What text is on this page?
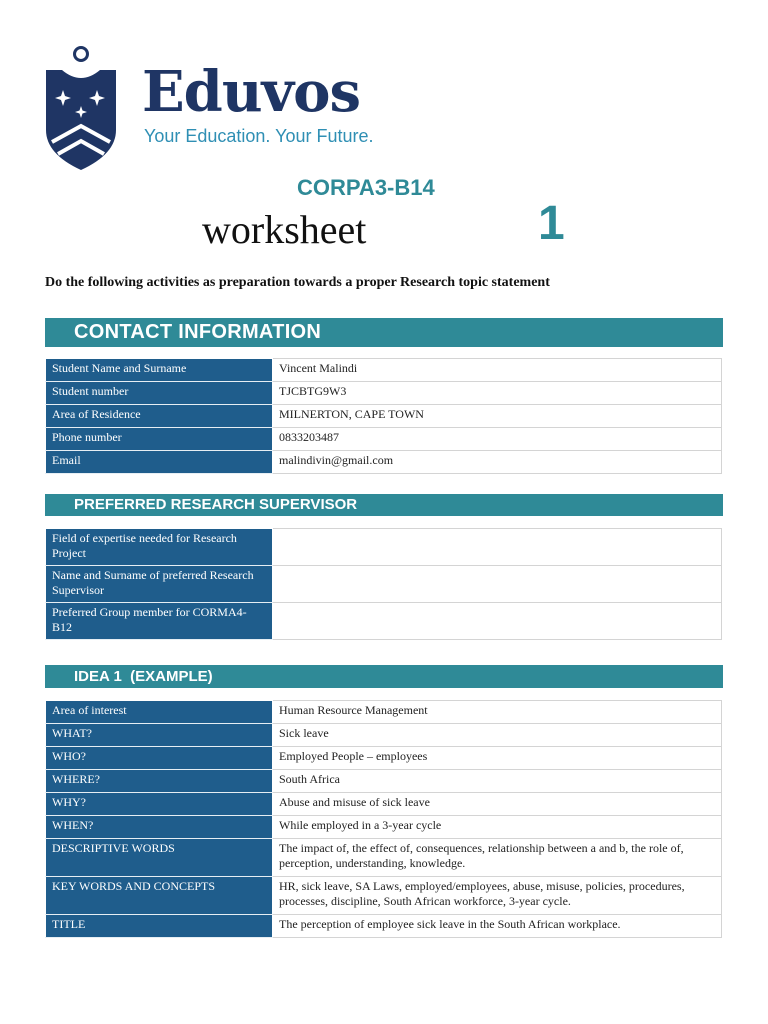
Eduvos
Your Education. Your Future.
CORPA3-B14
worksheet	1
Do the following activities as preparation towards a proper Research topic statement
CONTACT INFORMATION
Student Name and Surname	Vincent Malindi
Student number	TJCBTG9W3
Area of Residence	MILNERTON, CAPE TOWN
Phone number	0833203487
Email	malindivin@gmail.com
PREFERRED RESEARCH SUPERVISOR
Field of expertise needed for Research Project	
Name and Surname of preferred Research Supervisor	
Preferred Group member for CORMA4-B12	
IDEA 1  (EXAMPLE)
Area of interest	Human Resource Management
WHAT?	Sick leave
WHO?	Employed People – employees
WHERE?	South Africa
WHY?	Abuse and misuse of sick leave
WHEN?	While employed in a 3-year cycle
DESCRIPTIVE WORDS	The impact of, the effect of, consequences, relationship between a and b, the role of, perception, understanding, knowledge.
KEY WORDS AND CONCEPTS	HR, sick leave, SA Laws, employed/employees, abuse, misuse, policies, procedures, processes, discipline, South African workforce, 3-year cycle.
TITLE	The perception of employee sick leave in the South African workplace.
